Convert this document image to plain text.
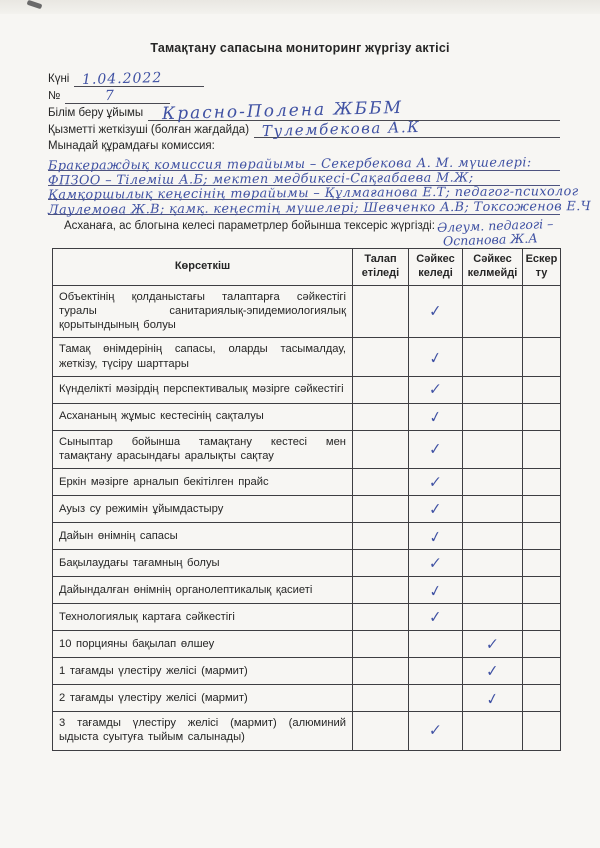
Тамақтану сапасына мониторинг жүргізу актісі
Күні 1.04.2022
№	7
Білім беру ұйымы Красно-Полена ЖББМ
Қызметті жеткізуші (болған жағдайда) Тулембекова А.К
Мынадай құрамдағы комиссия:
Бракераждық комиссия төрайымы – Секербекова А. М. мүшелері:
ФПЗОО – Тілеміш А.Б; мектеп медбикесі-Сақғабаева М.Ж;
Қамқоршылық кеңесінің төрайымы – Құлмағанова Е.Т; педагог-психолог
Лаулемова Ж.В; қамқ. кеңестің мүшелері; Шевченко А.В; Токсоженов Е.Ч
Асханаға, ас блогына келесі параметрлер бойынша тексеріс жүргізді: Әлеум. педагогі –
Оспанова Ж.А
Көрсеткіш	Талап етіледі	Сәйкес келеді	Сәйкес келмейді	Ескерту
Объектінің қолданыстағы талаптарға сәйкестігі туралы санитариялық-эпидемиологиялық қорытындының болуы		✓		
Тамақ өнімдерінің сапасы, оларды тасымалдау, жеткізу, түсіру шарттары		✓		
Күнделікті мәзірдің перспективалық мәзірге сәйкестігі		✓		
Асхананың жұмыс кестесінің сақталуы		✓		
Сыныптар бойынша тамақтану кестесі мен тамақтану арасындағы аралықты сақтау		✓		
Еркін мәзірге арналып бекітілген прайс		✓		
Ауыз су режимін ұйымдастыру		✓		
Дайын өнімнің сапасы		✓		
Бақылаудағы тағамның болуы		✓		
Дайындалған өнімнің органолептикалық қасиеті		✓		
Технологиялық картаға сәйкестігі		✓		
10 порцияны бақылап өлшеу			✓	
1 тағамды үлестіру желісі (мармит)			✓	
2 тағамды үлестіру желісі (мармит)			✓	
3 тағамды үлестіру желісі (мармит) (алюминий ыдыста суытуға тыйым салынады)		✓		
